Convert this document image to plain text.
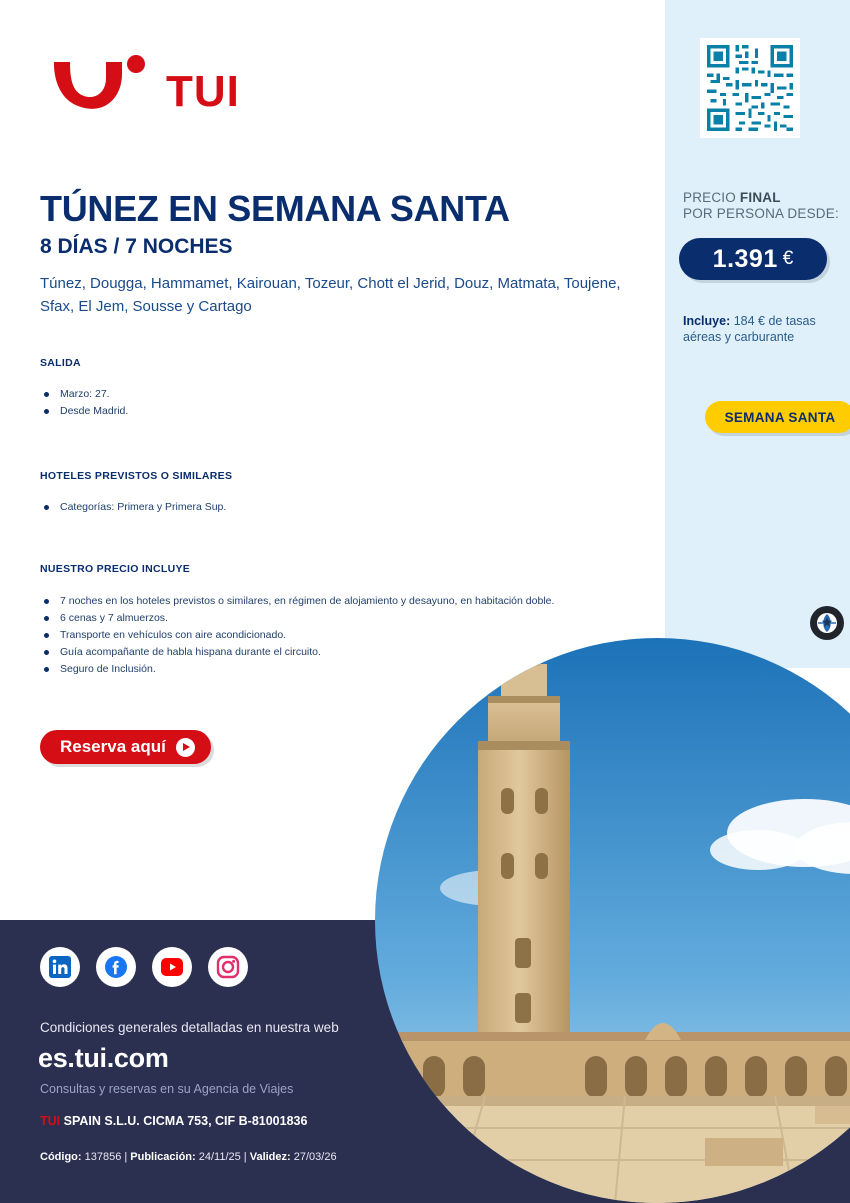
PRECIO FINAL
POR PERSONA DESDE:
1.391 €
Incluye: 184 € de tasas aéreas y carburante
SEMANA SANTA
TUI
TÚNEZ EN SEMANA SANTA
8 DÍAS / 7 NOCHES
Túnez, Dougga, Hammamet, Kairouan, Tozeur, Chott el Jerid, Douz, Matmata, Toujene, Sfax, El Jem, Sousse y Cartago
SALIDA
Marzo: 27.
Desde Madrid.
HOTELES PREVISTOS O SIMILARES
Categorías: Primera y Primera Sup.
NUESTRO PRECIO INCLUYE
7 noches en los hoteles previstos o similares, en régimen de alojamiento y desayuno, en habitación doble.
6 cenas y 7 almuerzos.
Transporte en vehículos con aire acondicionado.
Guía acompañante de habla hispana durante el circuito.
Seguro de Inclusión.
Reserva aquí
Condiciones generales detalladas en nuestra web
es.tui.com
Consultas y reservas en su Agencia de Viajes
TUI SPAIN S.L.U. CICMA 753, CIF B-81001836
Código: 137856 | Publicación: 24/11/25 | Validez: 27/03/26
